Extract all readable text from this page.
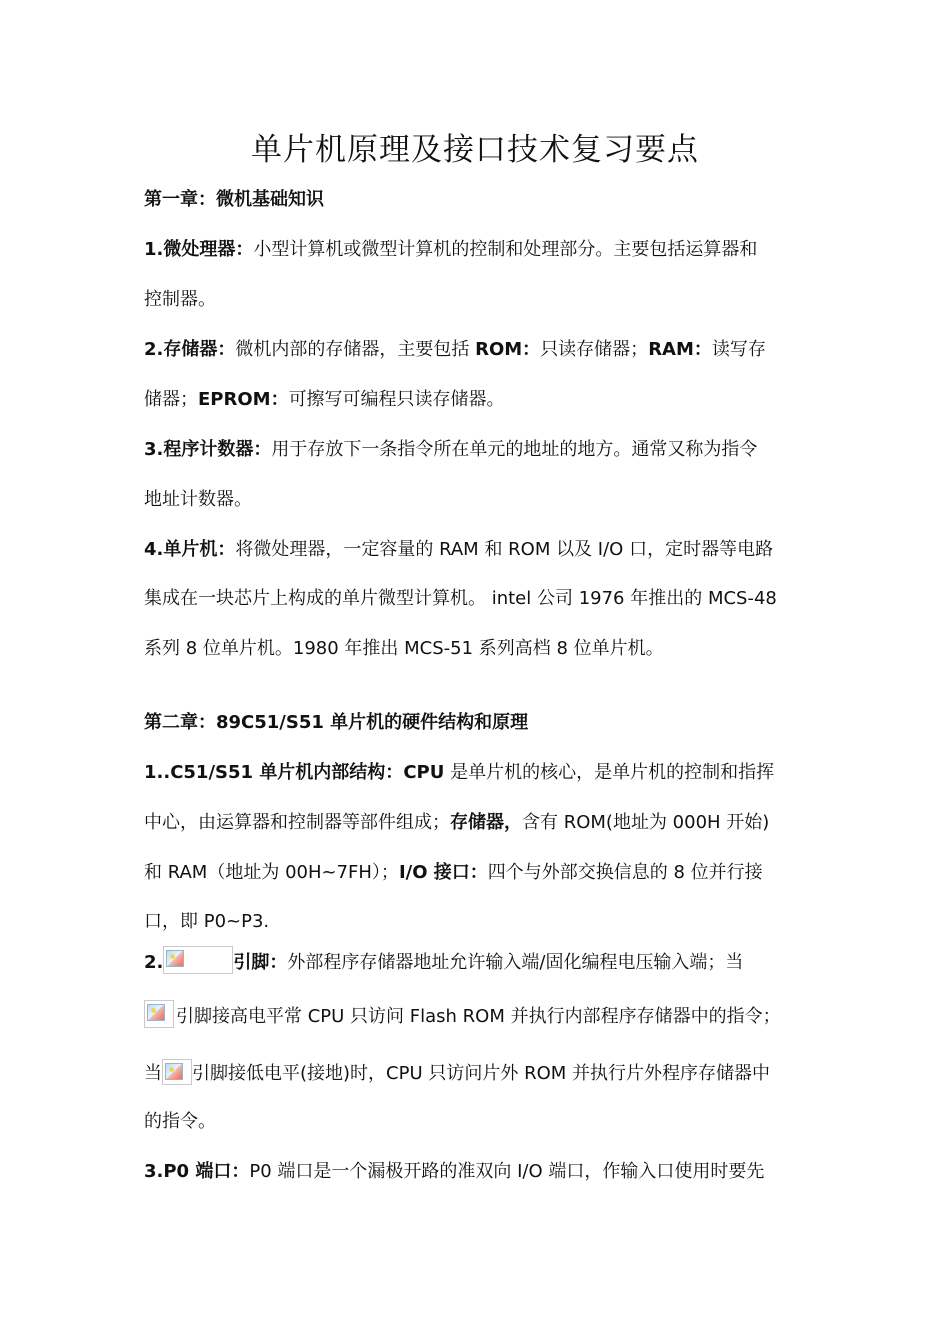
单片机原理及接口技术复习要点
第一章：微机基础知识
1.微处理器：小型计算机或微型计算机的控制和处理部分。主要包括运算器和
控制器。
2.存储器：微机内部的存储器，主要包括 ROM：只读存储器；RAM：读写存
储器；EPROM：可擦写可编程只读存储器。
3.程序计数器：用于存放下一条指令所在单元的地址的地方。通常又称为指令
地址计数器。
4.单片机：将微处理器，一定容量的 RAM 和 ROM 以及 I/O 口，定时器等电路
集成在一块芯片上构成的单片微型计算机。 intel 公司 1976 年推出的 MCS-48
系列 8 位单片机。1980 年推出 MCS-51 系列高档 8 位单片机。
第二章：89C51/S51 单片机的硬件结构和原理
1..C51/S51 单片机内部结构：CPU 是单片机的核心，是单片机的控制和指挥
中心，由运算器和控制器等部件组成；存储器，含有 ROM(地址为 000H 开始)
和 RAM（地址为 00H~7FH）；I/O 接口：四个与外部交换信息的 8 位并行接
口，即 P0~P3.
2.	引脚：外部程序存储器地址允许输入端/固化编程电压输入端；当
引脚接高电平常 CPU 只访问 Flash ROM 并执行内部程序存储器中的指令；
当 引脚接低电平(接地)时，CPU 只访问片外 ROM 并执行片外程序存储器中
的指令。
3.P0 端口：P0 端口是一个漏极开路的准双向 I/O 端口，作输入口使用时要先
